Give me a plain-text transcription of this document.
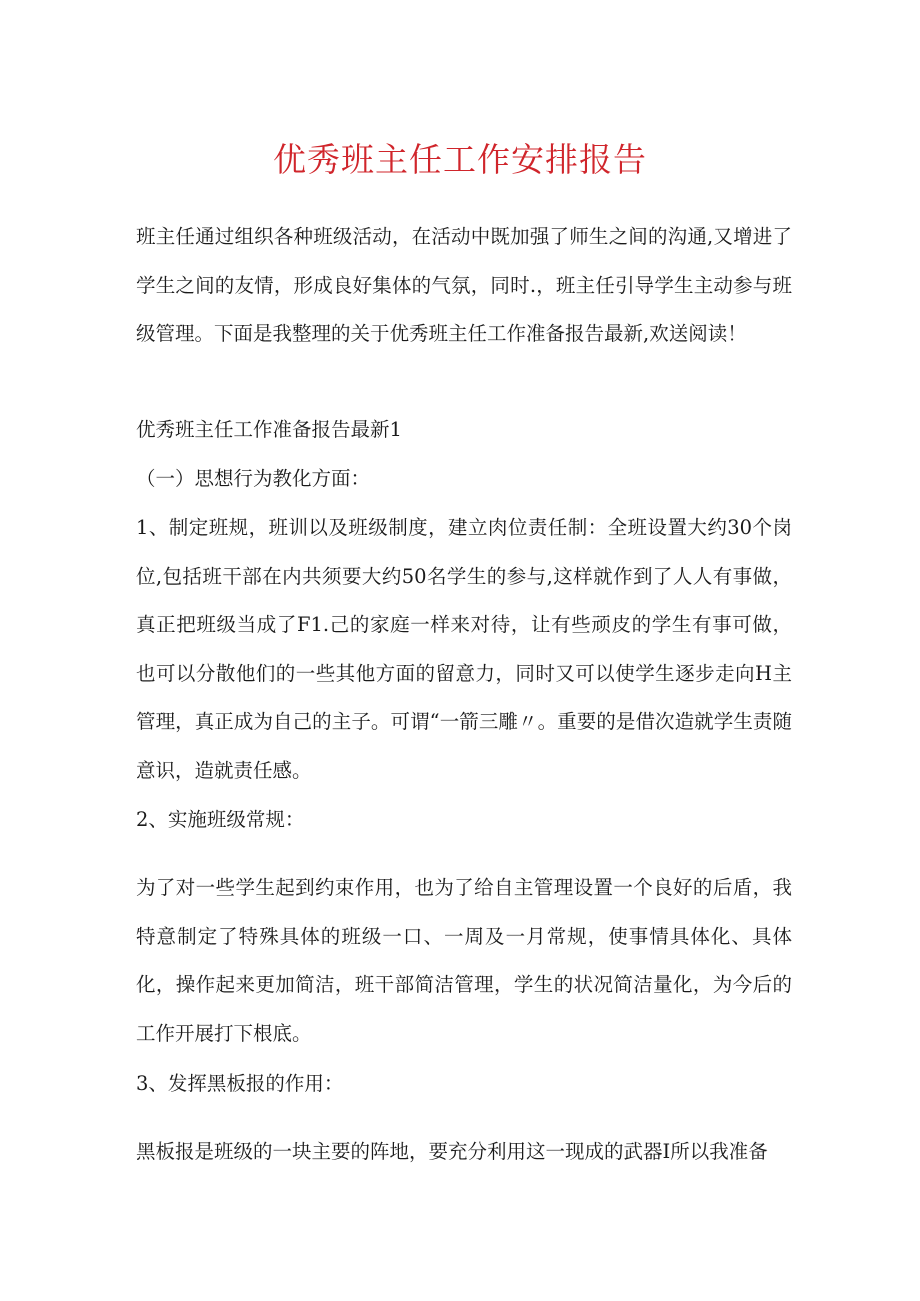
优秀班主任工作安排报告
班主任通过组织各种班级活动，在活动中既加强了师生之间的沟通,又增进了学生之间的友情，形成良好集体的气氛，同时.，班主任引导学生主动参与班级管理。下面是我整理的关于优秀班主任工作准备报告最新,欢送阅读！
优秀班主任工作准备报告最新1
（一）思想行为教化方面：
1、制定班规，班训以及班级制度，建立肉位责任制：全班设置大约30个岗位,包括班干部在内共须要大约50名学生的参与,这样就作到了人人有事做，真正把班级当成了F1.己的家庭一样来对待，让有些顽皮的学生有事可做，也可以分散他们的一些其他方面的留意力，同时又可以使学生逐步走向H主管理，真正成为自己的主子。可谓“一箭三雕〃。重要的是借次造就学生责随意识，造就责任感。
2、实施班级常规：
为了对一些学生起到约束作用，也为了给自主管理设置一个良好的后盾，我特意制定了特殊具体的班级一口、一周及一月常规，使事情具体化、具体化，操作起来更加简洁，班干部简洁管理，学生的状况简洁量化，为今后的工作开展打下根底。
3、发挥黑板报的作用：
黑板报是班级的一块主要的阵地，要充分利用这一现成的武器I所以我准备
